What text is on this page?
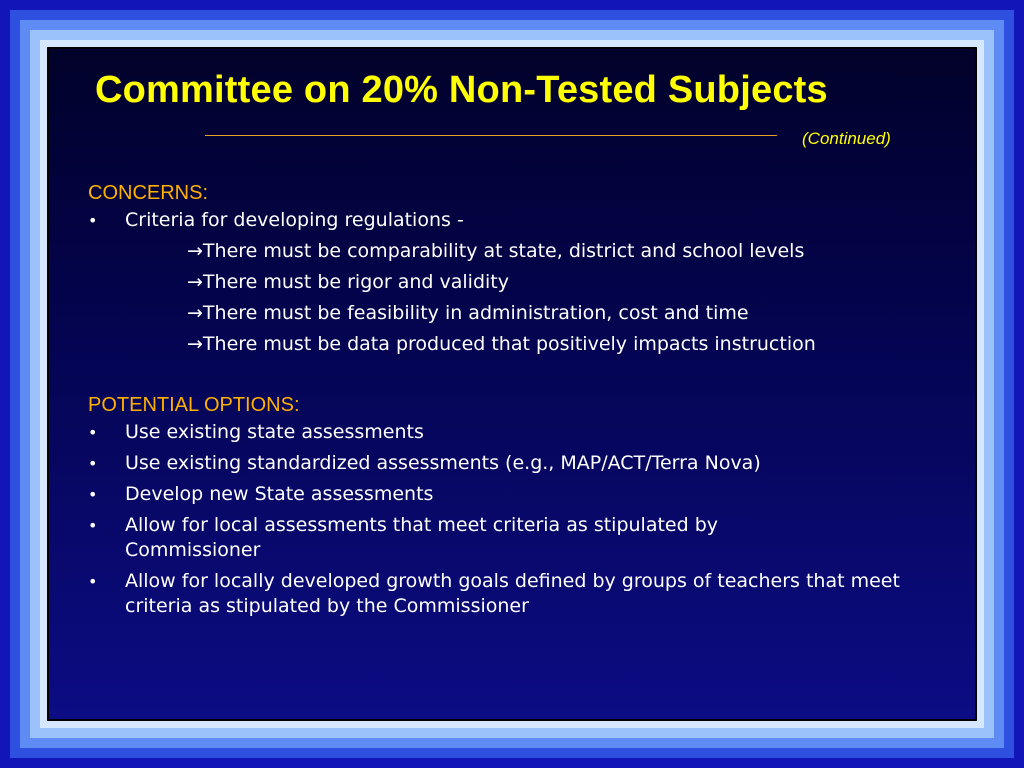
Committee on 20% Non-Tested Subjects
(Continued)
CONCERNS:
•	Criteria for developing regulations -
→There must be comparability at state, district and school levels
→There must be rigor and validity
→There must be feasibility in administration, cost and time
→There must be data produced that positively impacts instruction
POTENTIAL OPTIONS:
•	Use existing state assessments
•	Use existing standardized assessments (e.g., MAP/ACT/Terra Nova)
•	Develop new State assessments
•	Allow for local assessments that meet criteria as stipulated by Commissioner
•	Allow for locally developed growth goals defined by groups of teachers that meet criteria as stipulated by the Commissioner
